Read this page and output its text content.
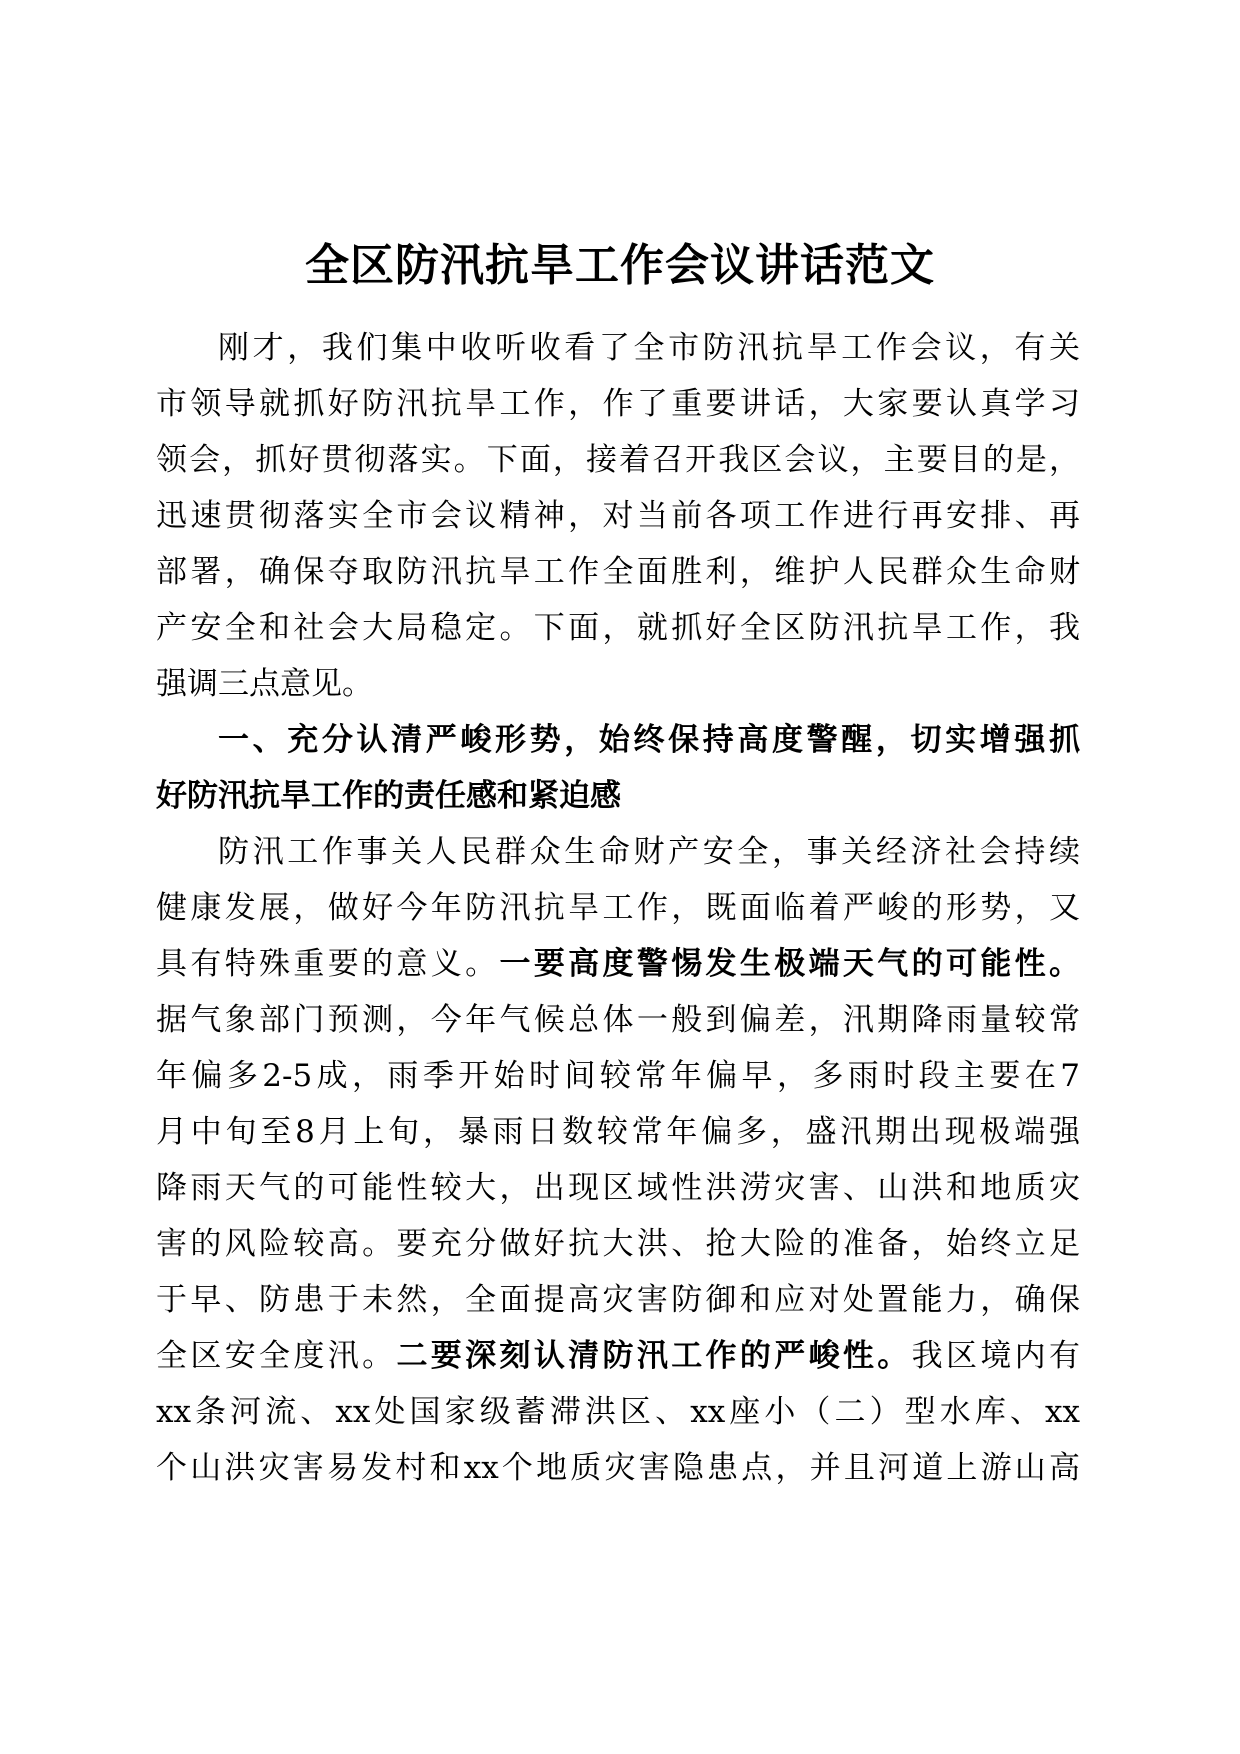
全区防汛抗旱工作会议讲话范文
刚才，我们集中收听收看了全市防汛抗旱工作会议，有关
市领导就抓好防汛抗旱工作，作了重要讲话，大家要认真学习
领会，抓好贯彻落实。下面，接着召开我区会议，主要目的是，
迅速贯彻落实全市会议精神，对当前各项工作进行再安排、再
部署，确保夺取防汛抗旱工作全面胜利，维护人民群众生命财
产安全和社会大局稳定。下面，就抓好全区防汛抗旱工作，我
强调三点意见。
一、充分认清严峻形势，始终保持高度警醒，切实增强抓
好防汛抗旱工作的责任感和紧迫感
防汛工作事关人民群众生命财产安全，事关经济社会持续
健康发展，做好今年防汛抗旱工作，既面临着严峻的形势，又
具有特殊重要的意义。一要高度警惕发生极端天气的可能性。
据气象部门预测，今年气候总体一般到偏差，汛期降雨量较常
年偏多2-5成，雨季开始时间较常年偏早，多雨时段主要在7
月中旬至8月上旬，暴雨日数较常年偏多，盛汛期出现极端强
降雨天气的可能性较大，出现区域性洪涝灾害、山洪和地质灾
害的风险较高。要充分做好抗大洪、抢大险的准备，始终立足
于早、防患于未然，全面提高灾害防御和应对处置能力，确保
全区安全度汛。二要深刻认清防汛工作的严峻性。我区境内有
xx条河流、xx处国家级蓄滞洪区、xx座小（二）型水库、xx
个山洪灾害易发村和xx个地质灾害隐患点，并且河道上游山高
